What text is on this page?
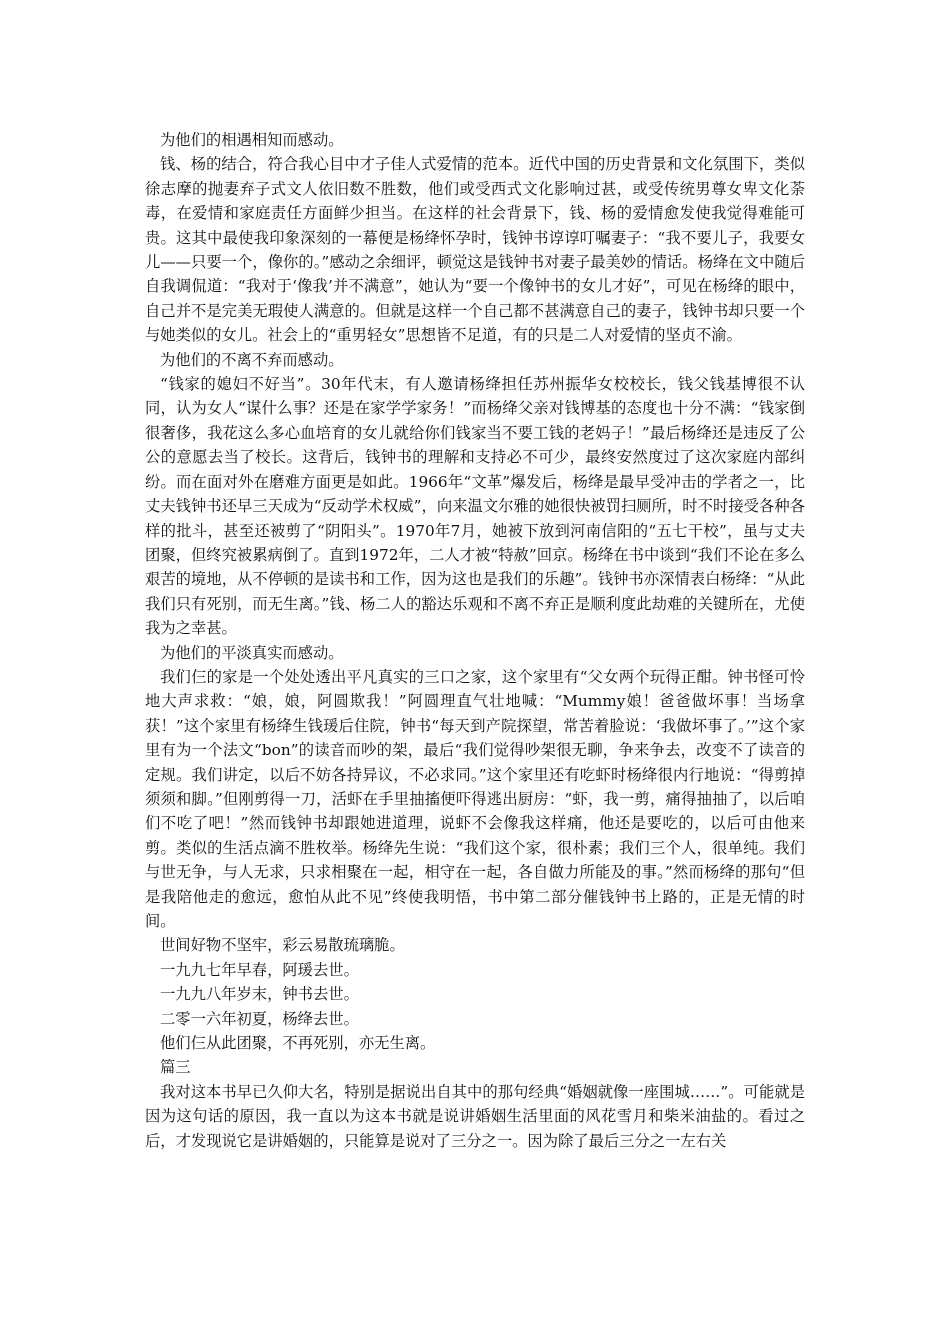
为他们的相遇相知而感动。

钱、杨的结合，符合我心目中才子佳人式爱情的范本。近代中国的历史背景和文化氛围下，类似徐志摩的抛妻弃子式文人依旧数不胜数，他们或受西式文化影响过甚，或受传统男尊女卑文化荼毒，在爱情和家庭责任方面鲜少担当。在这样的社会背景下，钱、杨的爱情愈发使我觉得难能可贵。这其中最使我印象深刻的一幕便是杨绛怀孕时，钱钟书谆谆叮嘱妻子：“我不要儿子，我要女儿——只要一个，像你的。”感动之余细评，顿觉这是钱钟书对妻子最美妙的情话。杨绛在文中随后自我调侃道：“我对于‘像我’并不满意”，她认为“要一个像钟书的女儿才好”，可见在杨绛的眼中，自己并不是完美无瑕使人满意的。但就是这样一个自己都不甚满意自己的妻子，钱钟书却只要一个与她类似的女儿。社会上的“重男轻女”思想皆不足道，有的只是二人对爱情的坚贞不渝。

为他们的不离不弃而感动。

“钱家的媳妇不好当”。30年代末，有人邀请杨绛担任苏州振华女校校长，钱父钱基博很不认同，认为女人“谋什么事？还是在家学学家务！”而杨绛父亲对钱博基的态度也十分不满：“钱家倒很奢侈，我花这么多心血培育的女儿就给你们钱家当不要工钱的老妈子！”最后杨绛还是违反了公公的意愿去当了校长。这背后，钱钟书的理解和支持必不可少，最终安然度过了这次家庭内部纠纷。而在面对外在磨难方面更是如此。1966年“文革”爆发后，杨绛是最早受冲击的学者之一，比丈夫钱钟书还早三天成为“反动学术权威”，向来温文尔雅的她很快被罚扫厕所，时不时接受各种各样的批斗，甚至还被剪了“阴阳头”。1970年7月，她被下放到河南信阳的“五七干校”，虽与丈夫团聚，但终究被累病倒了。直到1972年，二人才被“特赦”回京。杨绛在书中谈到“我们不论在多么艰苦的境地，从不停顿的是读书和工作，因为这也是我们的乐趣”。钱钟书亦深情表白杨绛：“从此我们只有死别，而无生离。”钱、杨二人的豁达乐观和不离不弃正是顺利度此劫难的关键所在，尤使我为之幸甚。

为他们的平淡真实而感动。

我们仨的家是一个处处透出平凡真实的三口之家，这个家里有“父女两个玩得正酣。钟书怪可怜地大声求救：“娘，娘，阿圆欺我！”阿圆理直气壮地喊：“Mummy娘！爸爸做坏事！当场拿获！”这个家里有杨绛生钱瑗后住院，钟书“每天到产院探望，常苦着脸说：‘我做坏事了。’”这个家里有为一个法文“bon”的读音而吵的架，最后“我们觉得吵架很无聊，争来争去，改变不了读音的定规。我们讲定，以后不妨各持异议，不必求同。”这个家里还有吃虾时杨绛很内行地说：“得剪掉须须和脚。”但刚剪得一刀，活虾在手里抽搐便吓得逃出厨房：“虾，我一剪，痛得抽抽了，以后咱们不吃了吧！”然而钱钟书却跟她进道理，说虾不会像我这样痛，他还是要吃的，以后可由他来剪。类似的生活点滴不胜枚举。杨绛先生说：“我们这个家，很朴素；我们三个人，很单纯。我们与世无争，与人无求，只求相聚在一起，相守在一起，各自做力所能及的事。”然而杨绛的那句“但是我陪他走的愈远，愈怕从此不见”终使我明悟，书中第二部分催钱钟书上路的，正是无情的时间。

世间好物不坚牢，彩云易散琉璃脆。

一九九七年早春，阿瑗去世。

一九九八年岁末，钟书去世。

二零一六年初夏，杨绛去世。

他们仨从此团聚，不再死别，亦无生离。

篇三

我对这本书早已久仰大名，特别是据说出自其中的那句经典“婚姻就像一座围城……”。可能就是因为这句话的原因，我一直以为这本书就是说讲婚姻生活里面的风花雪月和柴米油盐的。看过之后，才发现说它是讲婚姻的，只能算是说对了三分之一。因为除了最后三分之一左右关
